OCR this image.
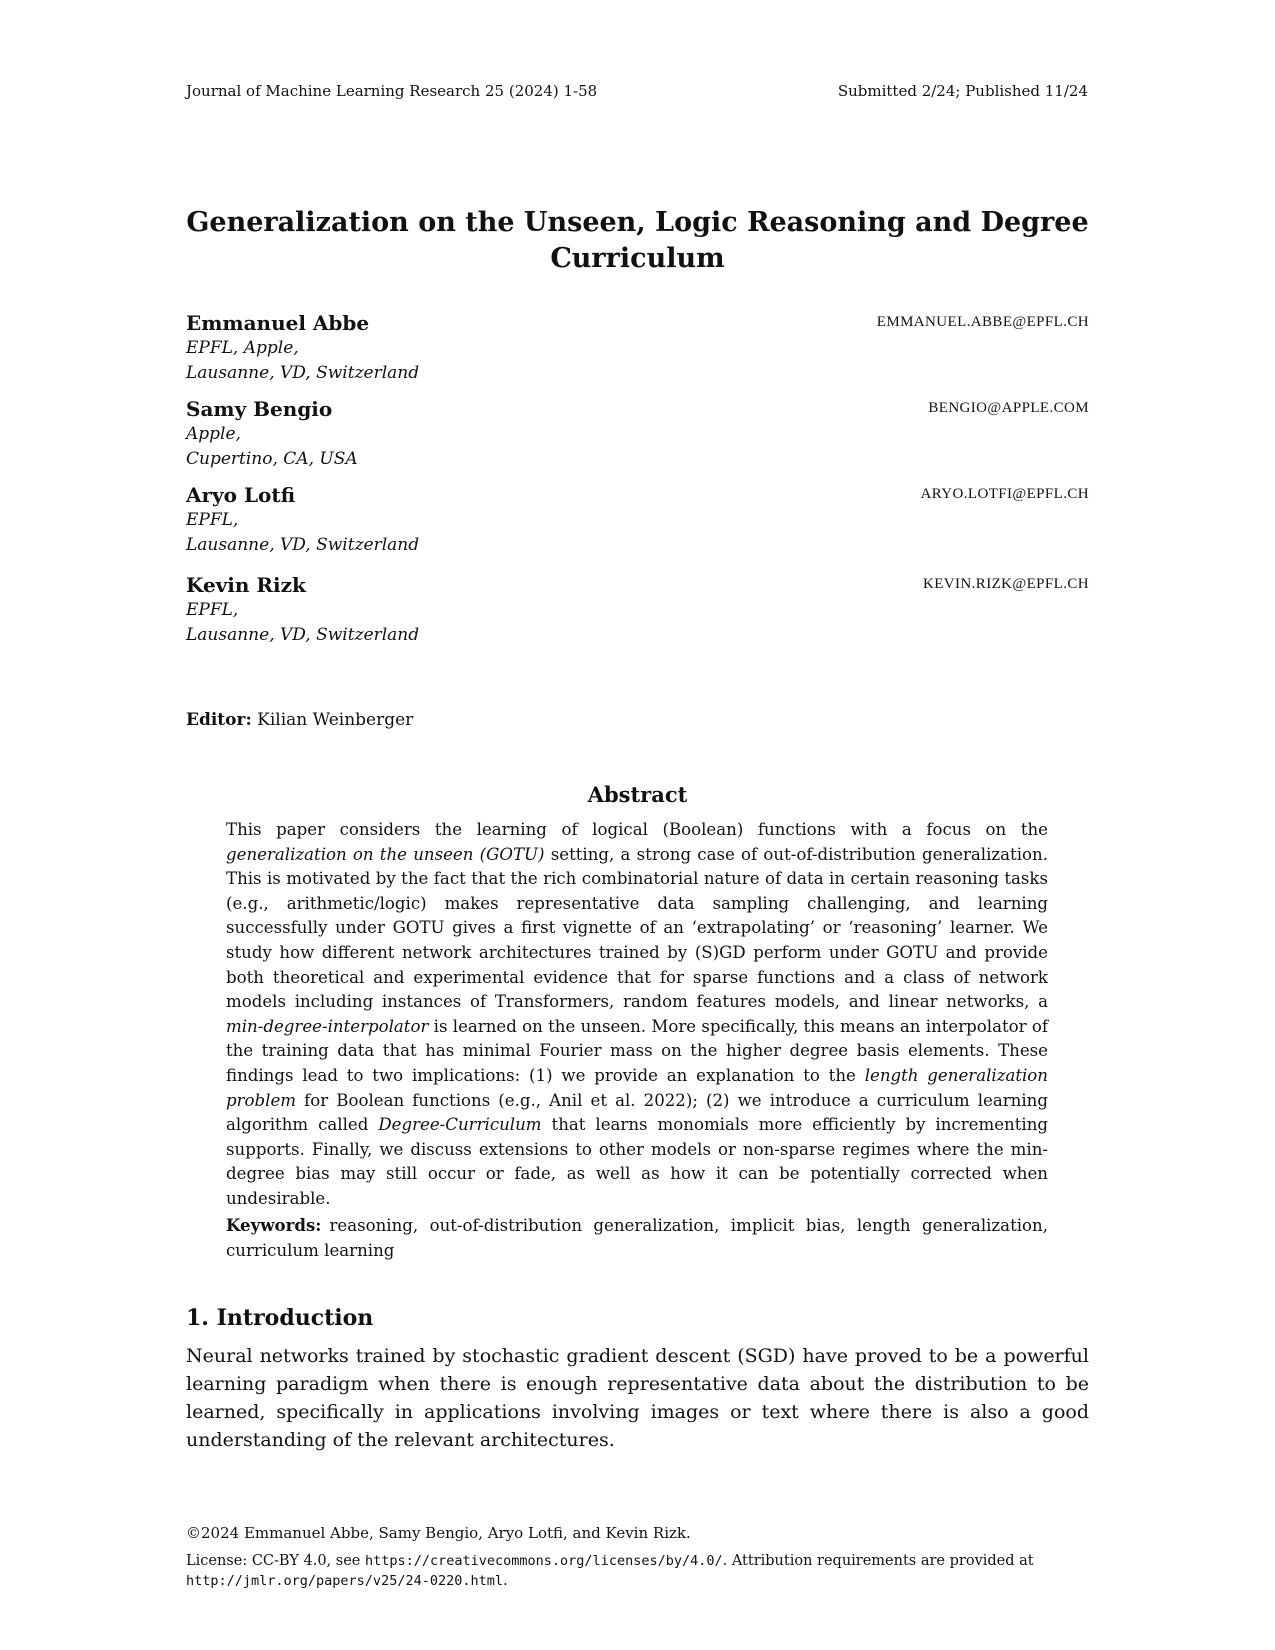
Journal of Machine Learning Research 25 (2024) 1-58	Submitted 2/24; Published 11/24
Generalization on the Unseen, Logic Reasoning and Degree Curriculum
Emmanuel Abbe
EPFL, Apple,
Lausanne, VD, Switzerland
EMMANUEL.ABBE@EPFL.CH
Samy Bengio
Apple,
Cupertino, CA, USA
BENGIO@APPLE.COM
Aryo Lotfi
EPFL,
Lausanne, VD, Switzerland
ARYO.LOTFI@EPFL.CH
Kevin Rizk
EPFL,
Lausanne, VD, Switzerland
KEVIN.RIZK@EPFL.CH
Editor: Kilian Weinberger
Abstract
This paper considers the learning of logical (Boolean) functions with a focus on the generalization on the unseen (GOTU) setting, a strong case of out-of-distribution generalization. This is motivated by the fact that the rich combinatorial nature of data in certain reasoning tasks (e.g., arithmetic/logic) makes representative data sampling challenging, and learning successfully under GOTU gives a first vignette of an ‘extrapolating’ or ‘reasoning’ learner. We study how different network architectures trained by (S)GD perform under GOTU and provide both theoretical and experimental evidence that for sparse functions and a class of network models including instances of Transformers, random features models, and linear networks, a min-degree-interpolator is learned on the unseen. More specifically, this means an interpolator of the training data that has minimal Fourier mass on the higher degree basis elements. These findings lead to two implications: (1) we provide an explanation to the length generalization problem for Boolean functions (e.g., Anil et al. 2022); (2) we introduce a curriculum learning algorithm called Degree-Curriculum that learns monomials more efficiently by incrementing supports. Finally, we discuss extensions to other models or non-sparse regimes where the min-degree bias may still occur or fade, as well as how it can be potentially corrected when undesirable.
Keywords: reasoning, out-of-distribution generalization, implicit bias, length generalization, curriculum learning
1. Introduction
Neural networks trained by stochastic gradient descent (SGD) have proved to be a powerful learning paradigm when there is enough representative data about the distribution to be learned, specifically in applications involving images or text where there is also a good understanding of the relevant architectures.
©2024 Emmanuel Abbe, Samy Bengio, Aryo Lotfi, and Kevin Rizk.
License: CC-BY 4.0, see https://creativecommons.org/licenses/by/4.0/. Attribution requirements are provided at http://jmlr.org/papers/v25/24-0220.html.
